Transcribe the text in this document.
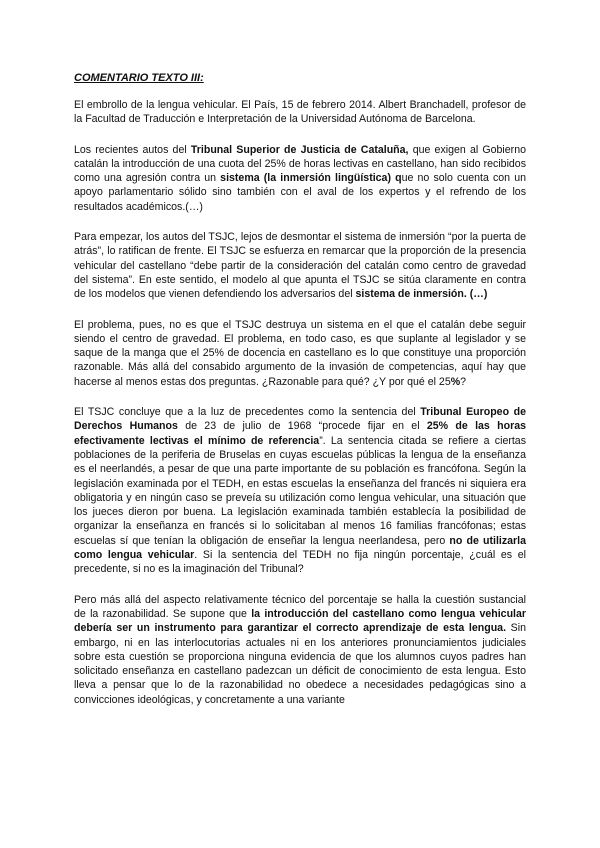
COMENTARIO TEXTO III:

El embrollo de la lengua vehicular. El País, 15 de febrero 2014. Albert Branchadell, profesor de la Facultad de Traducción e Interpretación de la Universidad Autónoma de Barcelona.

Los recientes autos del Tribunal Superior de Justicia de Cataluña, que exigen al Gobierno catalán la introducción de una cuota del 25% de horas lectivas en castellano, han sido recibidos como una agresión contra un sistema (la inmersión lingüística) que no solo cuenta con un apoyo parlamentario sólido sino también con el aval de los expertos y el refrendo de los resultados académicos.(…)

Para empezar, los autos del TSJC, lejos de desmontar el sistema de inmersión “por la puerta de atrás”, lo ratifican de frente. El TSJC se esfuerza en remarcar que la proporción de la presencia vehicular del castellano “debe partir de la consideración del catalán como centro de gravedad del sistema”. En este sentido, el modelo al que apunta el TSJC se sitúa claramente en contra de los modelos que vienen defendiendo los adversarios del sistema de inmersión. (…)

El problema, pues, no es que el TSJC destruya un sistema en el que el catalán debe seguir siendo el centro de gravedad. El problema, en todo caso, es que suplante al legislador y se saque de la manga que el 25% de docencia en castellano es lo que constituye una proporción razonable. Más allá del consabido argumento de la invasión de competencias, aquí hay que hacerse al menos estas dos preguntas. ¿Razonable para qué? ¿Y por qué el 25%?

El TSJC concluye que a la luz de precedentes como la sentencia del Tribunal Europeo de Derechos Humanos de 23 de julio de 1968 “procede fijar en el 25% de las horas efectivamente lectivas el mínimo de referencia”. La sentencia citada se refiere a ciertas poblaciones de la periferia de Bruselas en cuyas escuelas públicas la lengua de la enseñanza es el neerlandés, a pesar de que una parte importante de su población es francófona. Según la legislación examinada por el TEDH, en estas escuelas la enseñanza del francés ni siquiera era obligatoria y en ningún caso se preveía su utilización como lengua vehicular, una situación que los jueces dieron por buena. La legislación examinada también establecía la posibilidad de organizar la enseñanza en francés si lo solicitaban al menos 16 familias francófonas; estas escuelas sí que tenían la obligación de enseñar la lengua neerlandesa, pero no de utilizarla como lengua vehicular. Si la sentencia del TEDH no fija ningún porcentaje, ¿cuál es el precedente, si no es la imaginación del Tribunal?

Pero más allá del aspecto relativamente técnico del porcentaje se halla la cuestión sustancial de la razonabilidad. Se supone que la introducción del castellano como lengua vehicular debería ser un instrumento para garantizar el correcto aprendizaje de esta lengua. Sin embargo, ni en las interlocutorias actuales ni en los anteriores pronunciamientos judiciales sobre esta cuestión se proporciona ninguna evidencia de que los alumnos cuyos padres han solicitado enseñanza en castellano padezcan un déficit de conocimiento de esta lengua. Esto lleva a pensar que lo de la razonabilidad no obedece a necesidades pedagógicas sino a convicciones ideológicas, y concretamente a una variante
